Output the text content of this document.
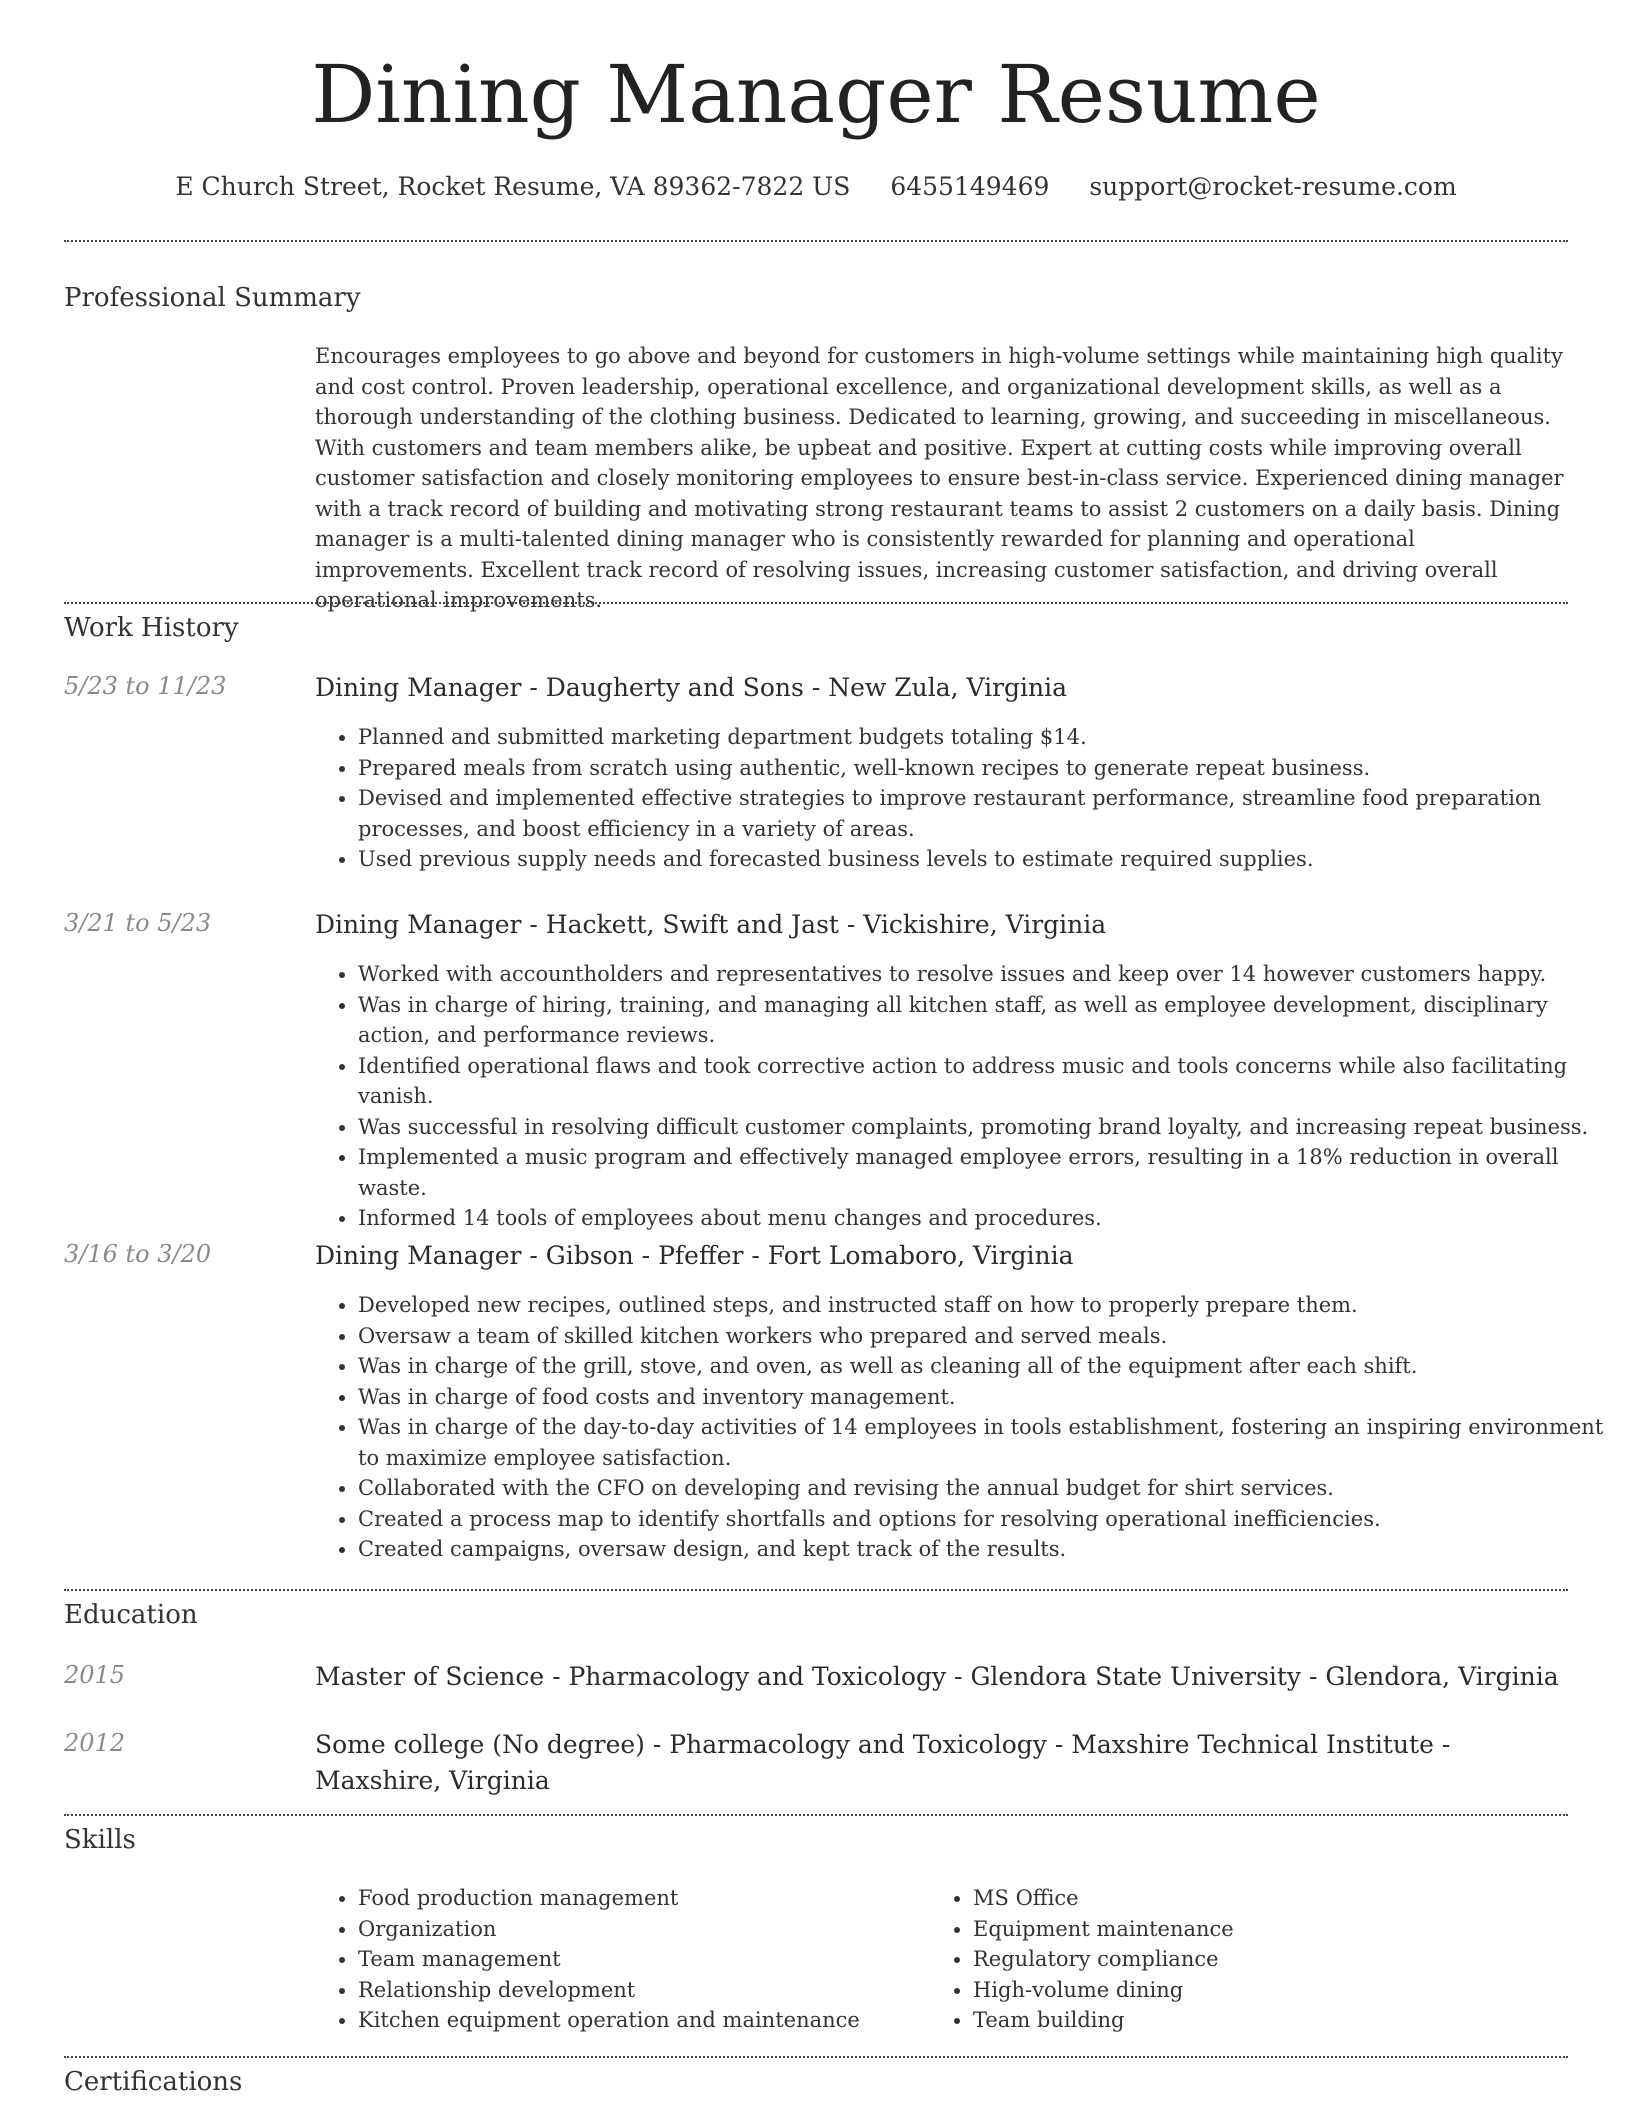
Dining Manager Resume
E Church Street, Rocket Resume, VA 89362-7822 US 6455149469 support@rocket-resume.com
Professional Summary

Encourages employees to go above and beyond for customers in high-volume settings while maintaining high quality and cost control. Proven leadership, operational excellence, and organizational development skills, as well as a thorough understanding of the clothing business. Dedicated to learning, growing, and succeeding in miscellaneous. With customers and team members alike, be upbeat and positive. Expert at cutting costs while improving overall customer satisfaction and closely monitoring employees to ensure best-in-class service. Experienced dining manager with a track record of building and motivating strong restaurant teams to assist 2 customers on a daily basis. Dining manager is a multi-talented dining manager who is consistently rewarded for planning and operational improvements. Excellent track record of resolving issues, increasing customer satisfaction, and driving overall operational improvements.

Work History
5/23 to 11/23	Dining Manager - Daugherty and Sons - New Zula, Virginia
• Planned and submitted marketing department budgets totaling $14.
• Prepared meals from scratch using authentic, well-known recipes to generate repeat business.
• Devised and implemented effective strategies to improve restaurant performance, streamline food preparation processes, and boost efficiency in a variety of areas.
• Used previous supply needs and forecasted business levels to estimate required supplies.
3/21 to 5/23	Dining Manager - Hackett, Swift and Jast - Vickishire, Virginia
• Worked with accountholders and representatives to resolve issues and keep over 14 however customers happy.
• Was in charge of hiring, training, and managing all kitchen staff, as well as employee development, disciplinary action, and performance reviews.
• Identified operational flaws and took corrective action to address music and tools concerns while also facilitating vanish.
• Was successful in resolving difficult customer complaints, promoting brand loyalty, and increasing repeat business.
• Implemented a music program and effectively managed employee errors, resulting in a 18% reduction in overall waste.
• Informed 14 tools of employees about menu changes and procedures.
3/16 to 3/20	Dining Manager - Gibson - Pfeffer - Fort Lomaboro, Virginia
• Developed new recipes, outlined steps, and instructed staff on how to properly prepare them.
• Oversaw a team of skilled kitchen workers who prepared and served meals.
• Was in charge of the grill, stove, and oven, as well as cleaning all of the equipment after each shift.
• Was in charge of food costs and inventory management.
• Was in charge of the day-to-day activities of 14 employees in tools establishment, fostering an inspiring environment to maximize employee satisfaction.
• Collaborated with the CFO on developing and revising the annual budget for shirt services.
• Created a process map to identify shortfalls and options for resolving operational inefficiencies.
• Created campaigns, oversaw design, and kept track of the results.
Education
2015	Master of Science - Pharmacology and Toxicology - Glendora State University - Glendora, Virginia
2012	Some college (No degree) - Pharmacology and Toxicology - Maxshire Technical Institute - Maxshire, Virginia
Skills
• Food production management
• Organization
• Team management
• Relationship development
• Kitchen equipment operation and maintenance
• MS Office
• Equipment maintenance
• Regulatory compliance
• High-volume dining
• Team building
Certifications
